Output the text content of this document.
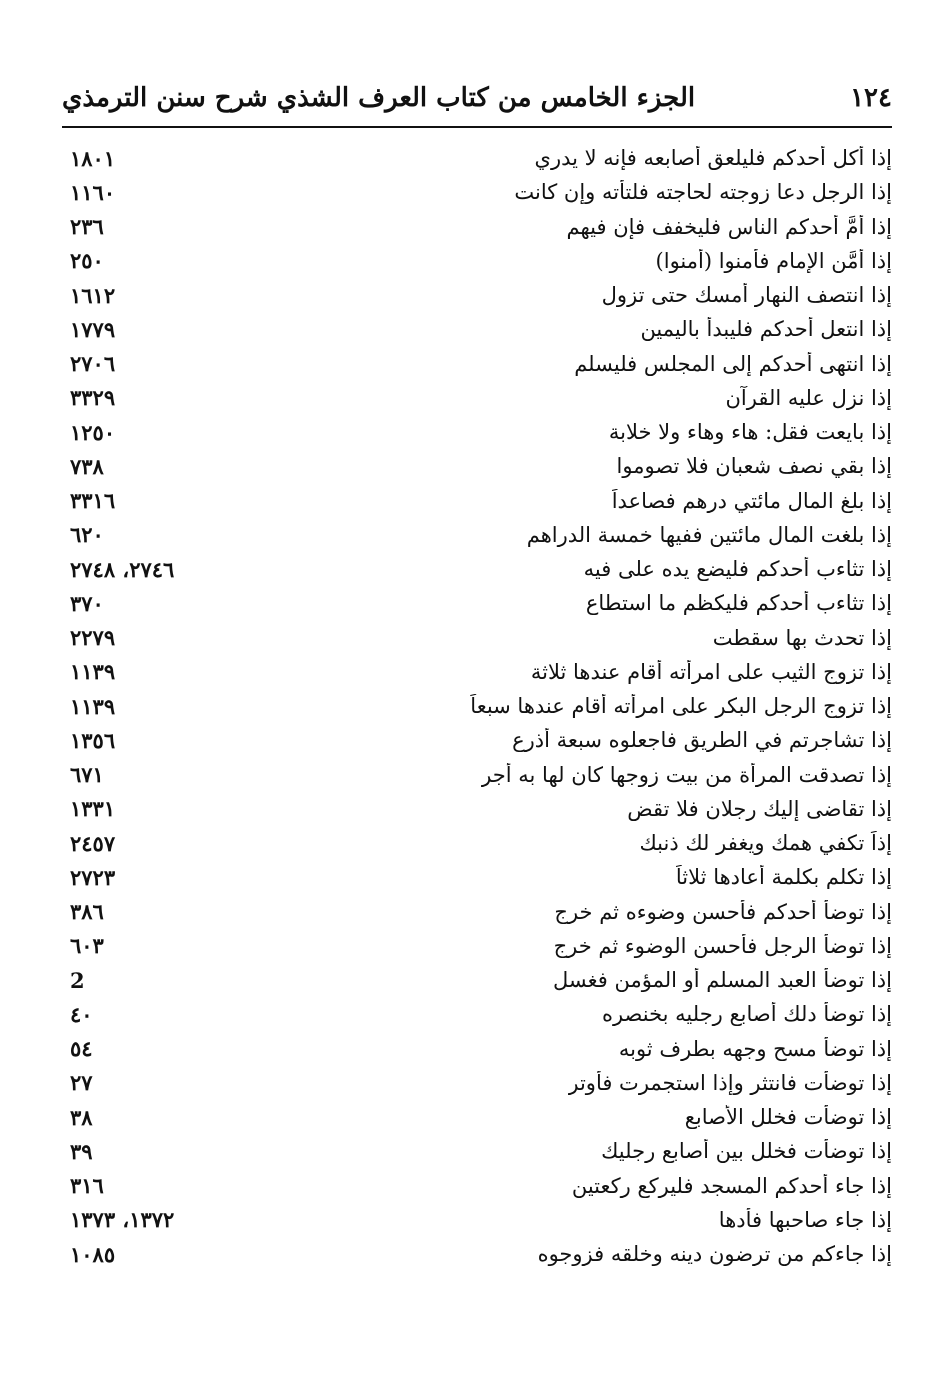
١٢٤
الجزء الخامس من كتاب العرف الشذي شرح سنن الترمذي
إذا أكل أحدكم فليلعق أصابعه فإنه لا يدري
١٨٠١
إذا الرجل دعا زوجته لحاجته فلتأته وإن كانت
١١٦٠
إذا أَمَّ أحدكم الناس فليخفف فإن فيهم
٢٣٦
إذا أَمَّن الإمام فأمنوا (أمنوا)
٢٥٠
إذا انتصف النهار أمسك حتى تزول
١٦١٢
إذا انتعل أحدكم فليبدأ باليمين
١٧٧٩
إذا انتهى أحدكم إلى المجلس فليسلم
٢٧٠٦
إذا نزل عليه القرآن
٣٣٢٩
إذا بايعت فقل: هاء وهاء ولا خلابة
١٢٥٠
إذا بقي نصف شعبان فلا تصوموا
٧٣٨
إذا بلغ المال مائتي درهم فصاعداً
٣٣١٦
إذا بلغت المال مائتين ففيها خمسة الدراهم
٦٢٠
إذا تثاءب أحدكم فليضع يده على فيه
٢٧٤٦، ٢٧٤٨
إذا تثاءب أحدكم فليكظم ما استطاع
٣٧٠
إذا تحدث بها سقطت
٢٢٧٩
إذا تزوج الثيب على امرأته أقام عندها ثلاثة
١١٣٩
إذا تزوج الرجل البكر على امرأته أقام عندها سبعاً
١١٣٩
إذا تشاجرتم في الطريق فاجعلوه سبعة أذرع
١٣٥٦
إذا تصدقت المرأة من بيت زوجها كان لها به أجر
٦٧١
إذا تقاضى إليك رجلان فلا تقض
١٣٣١
إذاً تكفي همك ويغفر لك ذنبك
٢٤٥٧
إذا تكلم بكلمة أعادها ثلاثاً
٢٧٢٣
إذا توضأ أحدكم فأحسن وضوءه ثم خرج
٣٨٦
إذا توضأ الرجل فأحسن الوضوء ثم خرج
٦٠٣
إذا توضأ العبد المسلم أو المؤمن فغسل
2
إذا توضأ دلك أصابع رجليه بخنصره
٤٠
إذا توضأ مسح وجهه بطرف ثوبه
٥٤
إذا توضأت فانتثر وإذا استجمرت فأوتر
٢٧
إذا توضأت فخلل الأصابع
٣٨
إذا توضأت فخلل بين أصابع رجليك
٣٩
إذا جاء أحدكم المسجد فليركع ركعتين
٣١٦
إذا جاء صاحبها فأدها
١٣٧٢، ١٣٧٣
إذا جاءكم من ترضون دينه وخلقه فزوجوه
١٠٨٥
